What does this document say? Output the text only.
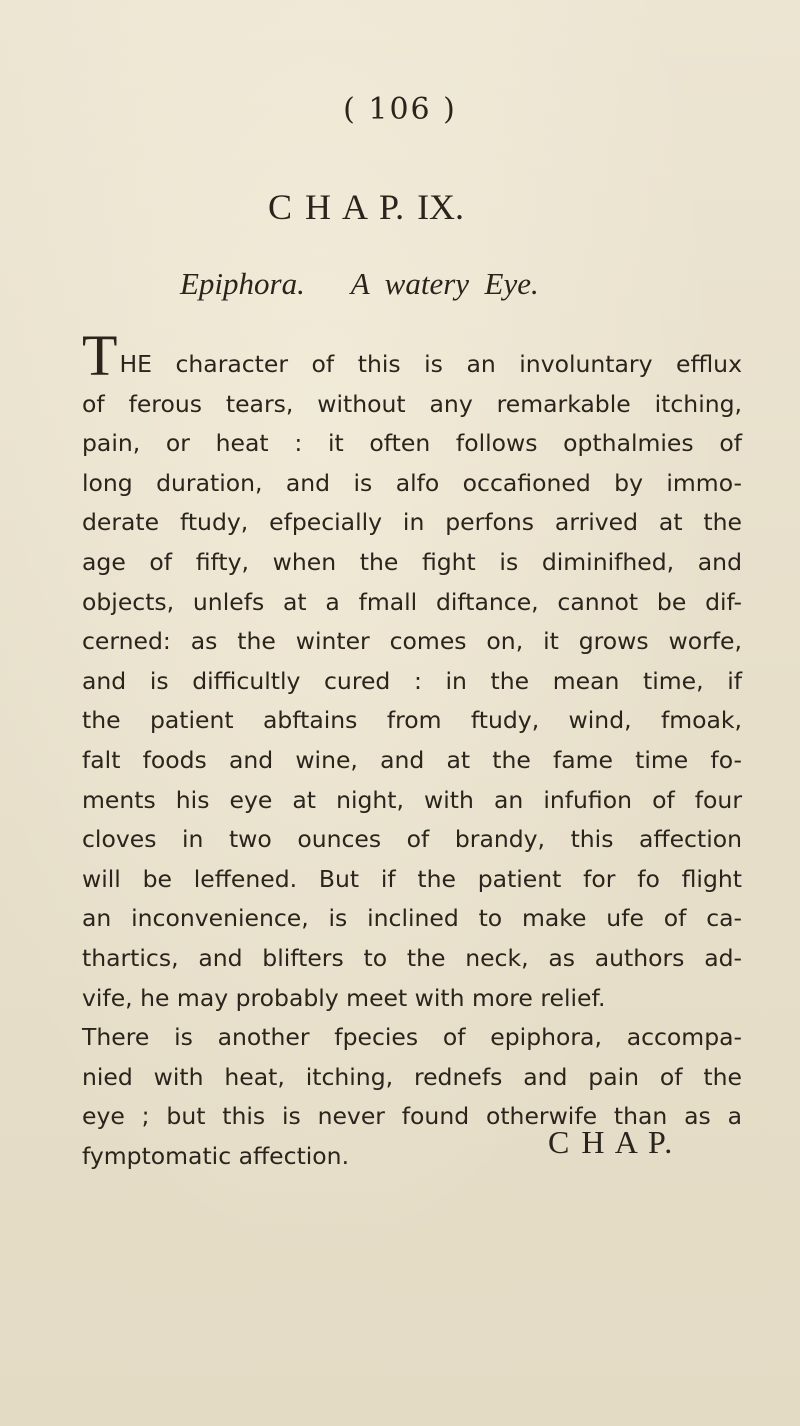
( 106 )
C H A P. IX.
Epiphora.      A  watery  Eye.
THE character of this is an involuntary efflux
of ferous tears, without any remarkable itching,
pain, or heat : it often follows opthalmies of
long duration, and is alfo occafioned by immo-
derate ftudy, efpecially in perfons arrived at the
age of fifty, when the fight is diminifhed, and
objects, unlefs at a fmall diftance, cannot be dif-
cerned: as the winter comes on, it grows worfe,
and is difficultly cured : in the mean time, if
the patient abftains from ftudy, wind, fmoak,
falt foods and wine, and at the fame time fo-
ments his eye at night, with an infufion of four
cloves in two ounces of brandy, this affection
will be leffened. But if the patient for fo flight
an inconvenience, is inclined to make ufe of ca-
thartics, and blifters to the neck, as authors ad-
vife, he may probably meet with more relief.
There is another fpecies of epiphora, accompa-
nied with heat, itching, rednefs and pain of the
eye ; but this is never found otherwife than as a
fymptomatic affection.	C H A P.
